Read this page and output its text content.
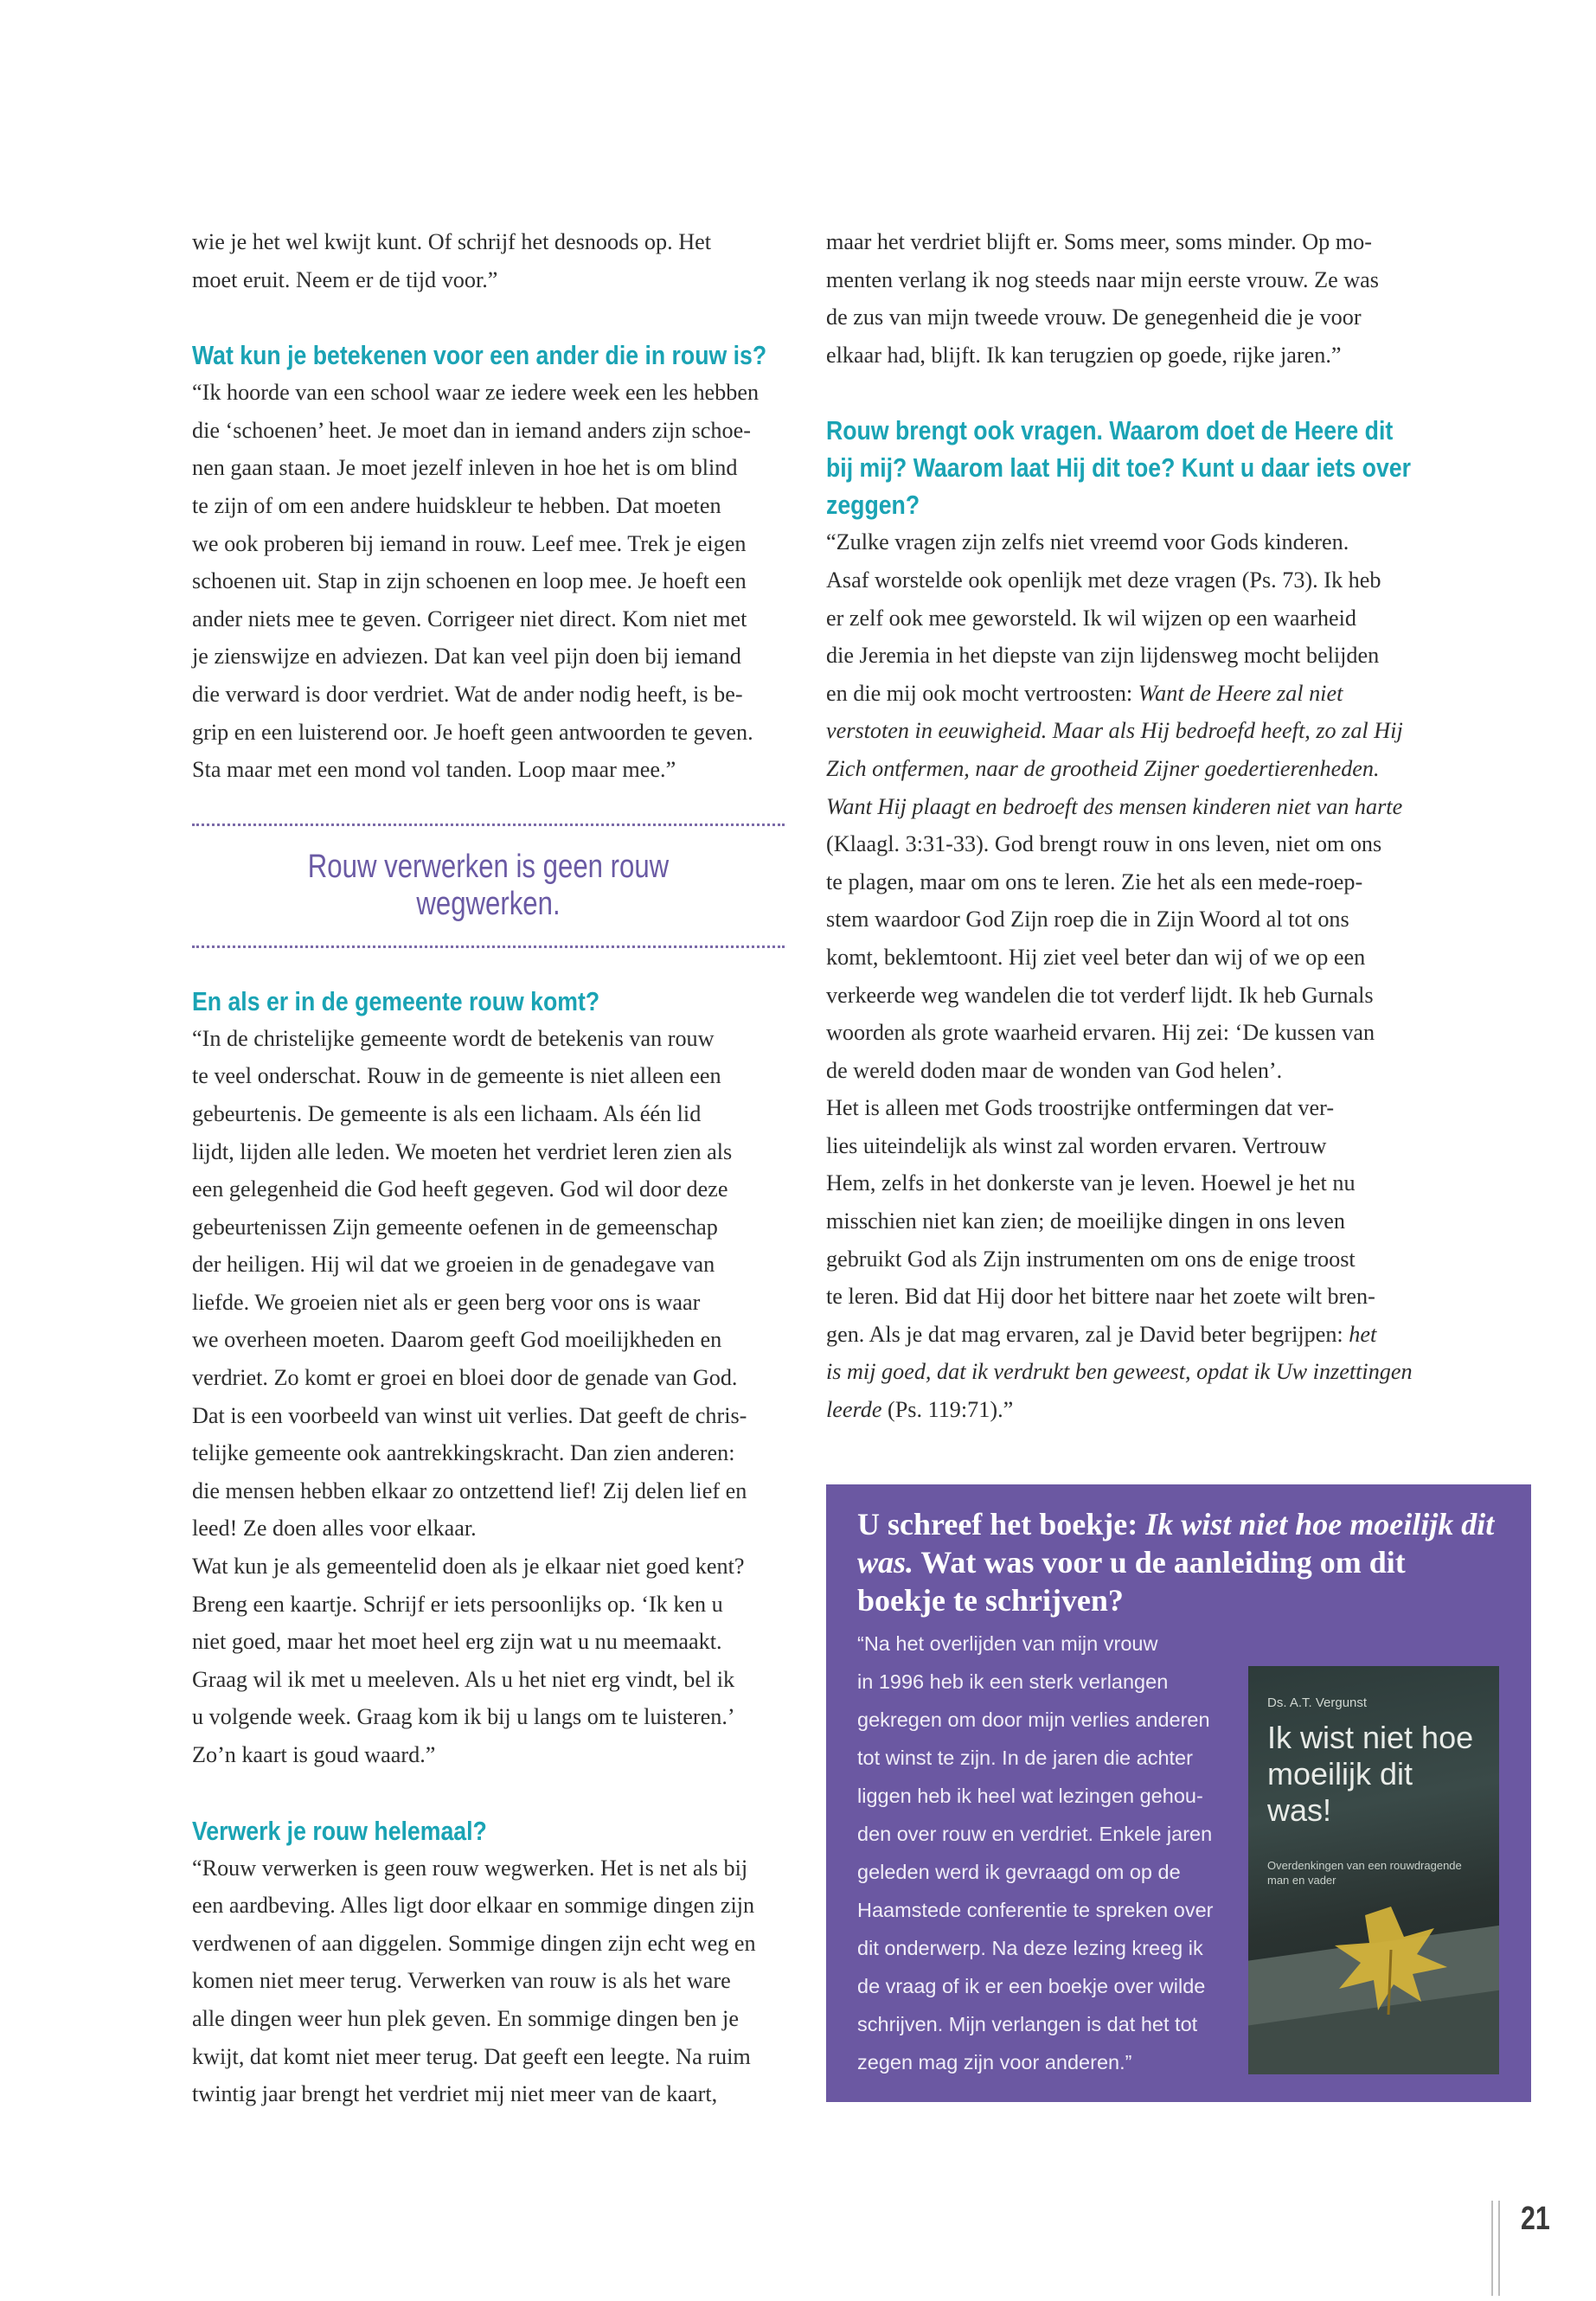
wie je het wel kwijt kunt. Of schrijf het desnoods op. Het

moet eruit. Neem er de tijd voor.”

Wat kun je betekenen voor een ander die in rouw is?

“Ik hoorde van een school waar ze iedere week een les hebben

die ‘schoenen’ heet. Je moet dan in iemand anders zijn schoe-

nen gaan staan. Je moet jezelf inleven in hoe het is om blind

te zijn of om een andere huidskleur te hebben. Dat moeten

we ook proberen bij iemand in rouw. Leef mee. Trek je eigen

schoenen uit. Stap in zijn schoenen en loop mee. Je hoeft een

ander niets mee te geven. Corrigeer niet direct. Kom niet met

je zienswijze en adviezen. Dat kan veel pijn doen bij iemand

die verward is door verdriet. Wat de ander nodig heeft, is be-

grip en een luisterend oor. Je hoeft geen antwoorden te geven.

Sta maar met een mond vol tanden. Loop maar mee.”

Rouw verwerken is geen rouw wegwerken.
En als er in de gemeente rouw komt?

“In de christelijke gemeente wordt de betekenis van rouw

te veel onderschat. Rouw in de gemeente is niet alleen een

gebeurtenis. De gemeente is als een lichaam. Als één lid

lijdt, lijden alle leden. We moeten het verdriet leren zien als

een gelegenheid die God heeft gegeven. God wil door deze

gebeurtenissen Zijn gemeente oefenen in de gemeenschap

der heiligen. Hij wil dat we groeien in de genadegave van

liefde. We groeien niet als er geen berg voor ons is waar

we overheen moeten. Daarom geeft God moeilijkheden en

verdriet. Zo komt er groei en bloei door de genade van God.

Dat is een voorbeeld van winst uit verlies. Dat geeft de chris-

telijke gemeente ook aantrekkingskracht. Dan zien anderen:

die mensen hebben elkaar zo ontzettend lief! Zij delen lief en

leed! Ze doen alles voor elkaar.

Wat kun je als gemeentelid doen als je elkaar niet goed kent?

Breng een kaartje. Schrijf er iets persoonlijks op. ‘Ik ken u

niet goed, maar het moet heel erg zijn wat u nu meemaakt.

Graag wil ik met u meeleven. Als u het niet erg vindt, bel ik

u volgende week. Graag kom ik bij u langs om te luisteren.’

Zo’n kaart is goud waard.”

Verwerk je rouw helemaal?

“Rouw verwerken is geen rouw wegwerken. Het is net als bij

een aardbeving. Alles ligt door elkaar en sommige dingen zijn

verdwenen of aan diggelen. Sommige dingen zijn echt weg en

komen niet meer terug. Verwerken van rouw is als het ware

alle dingen weer hun plek geven. En sommige dingen ben je

kwijt, dat komt niet meer terug. Dat geeft een leegte. Na ruim

twintig jaar brengt het verdriet mij niet meer van de kaart,

maar het verdriet blijft er. Soms meer, soms minder. Op mo-

menten verlang ik nog steeds naar mijn eerste vrouw. Ze was

de zus van mijn tweede vrouw. De genegenheid die je voor

elkaar had, blijft. Ik kan terugzien op goede, rijke jaren.”

Rouw brengt ook vragen. Waarom doet de Heere dit
bij mij? Waarom laat Hij dit toe? Kunt u daar iets over
zeggen?

“Zulke vragen zijn zelfs niet vreemd voor Gods kinderen.

Asaf worstelde ook openlijk met deze vragen (Ps. 73). Ik heb

er zelf ook mee geworsteld. Ik wil wijzen op een waarheid

die Jeremia in het diepste van zijn lijdensweg mocht belijden

en die mij ook mocht vertroosten: Want de Heere zal niet

verstoten in eeuwigheid. Maar als Hij bedroefd heeft, zo zal Hij

Zich ontfermen, naar de grootheid Zijner goedertierenheden.

Want Hij plaagt en bedroeft des mensen kinderen niet van harte

(Klaagl. 3:31-33). God brengt rouw in ons leven, niet om ons

te plagen, maar om ons te leren. Zie het als een mede-roep-

stem waardoor God Zijn roep die in Zijn Woord al tot ons

komt, beklemtoont. Hij ziet veel beter dan wij of we op een

verkeerde weg wandelen die tot verderf lijdt. Ik heb Gurnals

woorden als grote waarheid ervaren. Hij zei: ‘De kussen van

de wereld doden maar de wonden van God helen’.

Het is alleen met Gods troostrijke ontfermingen dat ver-

lies uiteindelijk als winst zal worden ervaren. Vertrouw

Hem, zelfs in het donkerste van je leven. Hoewel je het nu

misschien niet kan zien; de moeilijke dingen in ons leven

gebruikt God als Zijn instrumenten om ons de enige troost

te leren. Bid dat Hij door het bittere naar het zoete wilt bren-

gen. Als je dat mag ervaren, zal je David beter begrijpen: het

is mij goed, dat ik verdrukt ben geweest, opdat ik Uw inzettingen

leerde (Ps. 119:71).”

U schreef het boekje: Ik wist niet hoe moeilijk dit was. Wat was voor u de aanleiding om dit boekje te schrijven?
“Na het overlijden van mijn vrouw
in 1996 heb ik een sterk verlangen
gekregen om door mijn verlies anderen
tot winst te zijn. In de jaren die achter
liggen heb ik heel wat lezingen gehou-
den over rouw en verdriet. Enkele jaren
geleden werd ik gevraagd om op de
Haamstede conferentie te spreken over
dit onderwerp. Na deze lezing kreeg ik
de vraag of ik er een boekje over wilde
schrijven. Mijn verlangen is dat het tot
zegen mag zijn voor anderen.”
Ds. A.T. Vergunst
Ik wist niet hoe moeilijk dit was!
Overdenkingen van een rouwdragende man en vader
21
